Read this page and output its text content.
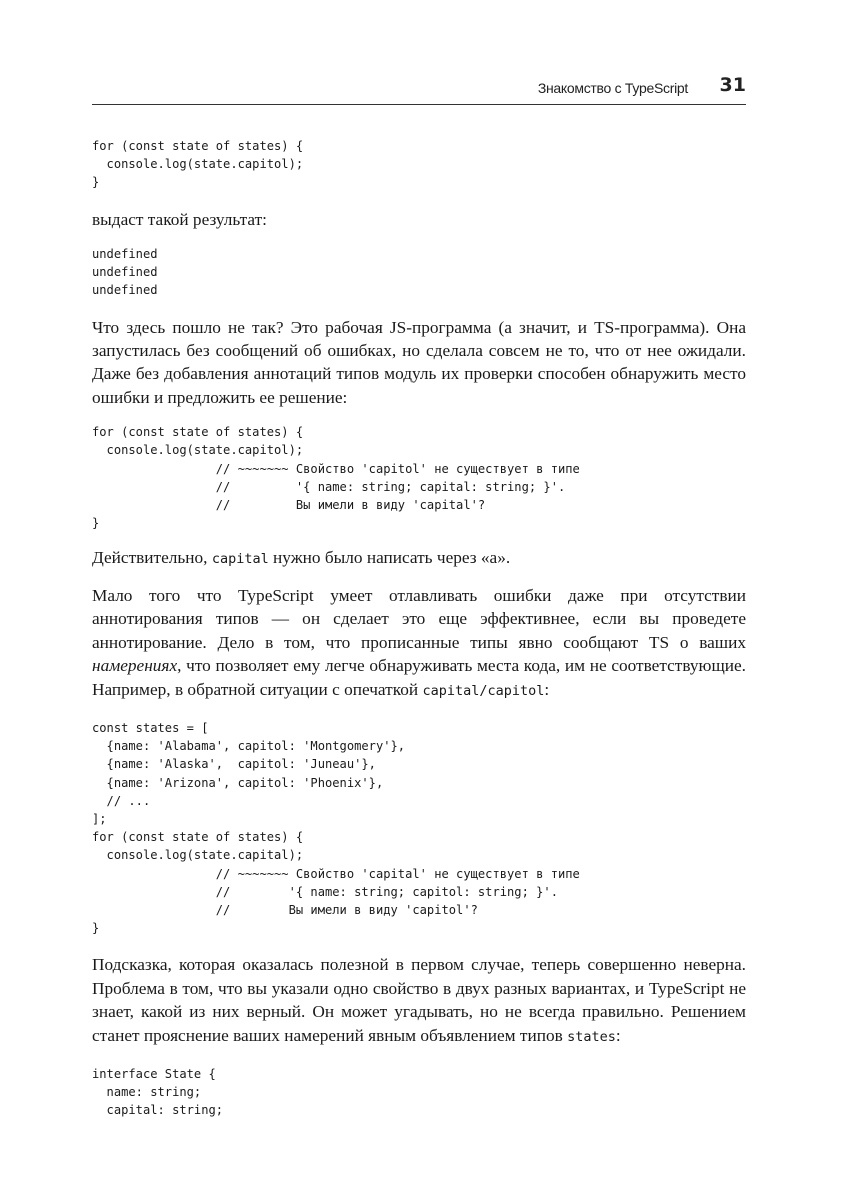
Знакомство с TypeScript 31
for (const state of states) {
console.log(state.capitol);
}

выдаст такой результат:

undefined
undefined
undefined

Что здесь пошло не так? Это рабочая JS-программа (а значит, и TS-программа). Она запустилась без сообщений об ошибках, но сделала совсем не то, что от нее ожидали. Даже без добавления аннотаций типов модуль их проверки способен обнаружить место ошибки и предложить ее решение:

for (const state of states) {
console.log(state.capitol);
// ~~~~~~~ Свойство 'capitol' не существует в типе
//         '{ name: string; capital: string; }'.
//         Вы имели в виду 'capital'?
}

Действительно, capital нужно было написать через «а».

Мало того что TypeScript умеет отлавливать ошибки даже при отсутствии аннотирования типов — он сделает это еще эффективнее, если вы проведете аннотирование. Дело в том, что прописанные типы явно сообщают TS о ваших намерениях, что позволяет ему легче обнаруживать места кода, им не соответствующие. Например, в обратной ситуации с опечаткой capital/capitol:

const states = [
{name: 'Alabama', capitol: 'Montgomery'},
{name: 'Alaska',  capitol: 'Juneau'},
{name: 'Arizona', capitol: 'Phoenix'},
// ...
];
for (const state of states) {
console.log(state.capital);
// ~~~~~~~ Свойство 'capital' не существует в типе
//        '{ name: string; capitol: string; }'.
//        Вы имели в виду 'capitol'?
}

Подсказка, которая оказалась полезной в первом случае, теперь совершенно неверна. Проблема в том, что вы указали одно свойство в двух разных вариантах, и TypeScript не знает, какой из них верный. Он может угадывать, но не всегда правильно. Решением станет прояснение ваших намерений явным объявлением типов states:

interface State {
name: string;
capital: string;
